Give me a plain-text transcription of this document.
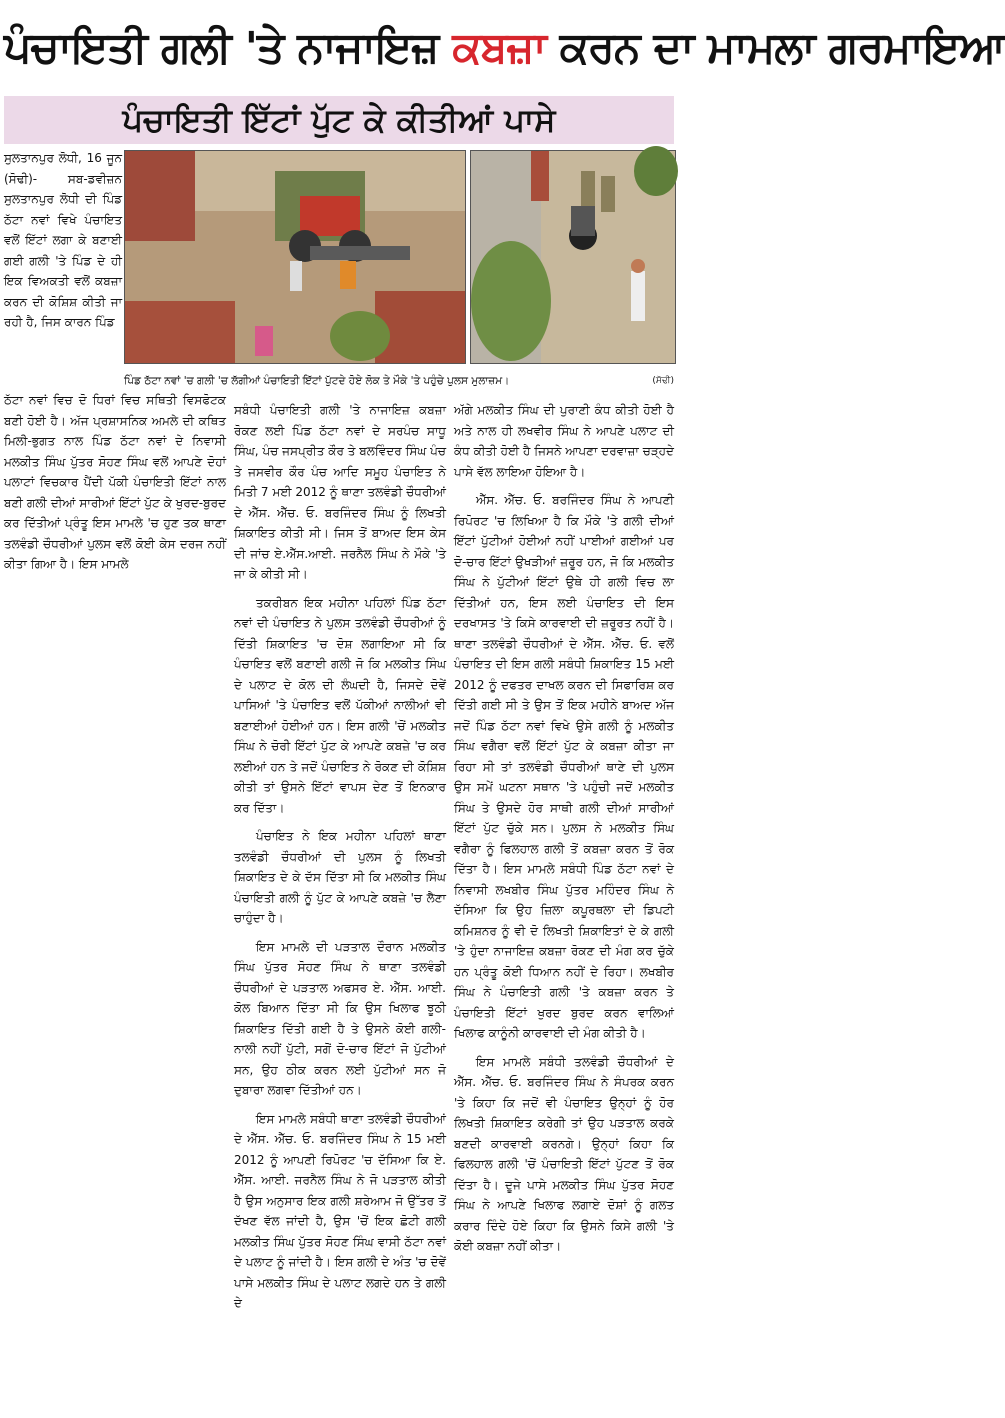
ਪੰਚਾਇਤੀ ਗਲੀ 'ਤੇ ਨਾਜਾਇਜ਼ ਕਬਜ਼ਾ ਕਰਨ ਦਾ ਮਾਮਲਾ ਗਰਮਾਇਆ
ਪੰਚਾਇਤੀ ਇੱਟਾਂ ਪੁੱਟ ਕੇ ਕੀਤੀਆਂ ਪਾਸੇ

ਸੁਲਤਾਨਪੁਰ ਲੋਧੀ, 16 ਜੂਨ (ਸੋਢੀ)- ਸਬ-ਡਵੀਜ਼ਨ ਸੁਲਤਾਨਪੁਰ ਲੋਧੀ ਦੀ ਪਿੰਡ ਠੱਟਾ ਨਵਾਂ ਵਿਖੇ ਪੰਚਾਇਤ ਵਲੋਂ ਇੱਟਾਂ ਲਗਾ ਕੇ ਬਣਾਈ ਗਈ ਗਲੀ 'ਤੇ ਪਿੰਡ ਦੇ ਹੀ ਇਕ ਵਿਅਕਤੀ ਵਲੋਂ ਕਬਜ਼ਾ ਕਰਨ ਦੀ ਕੋਸ਼ਿਸ਼ ਕੀਤੀ ਜਾ ਰਹੀ ਹੈ, ਜਿਸ ਕਾਰਨ ਪਿੰਡ

ਪਿੰਡ ਠੱਟਾ ਨਵਾਂ 'ਚ ਗਲੀ 'ਚ ਲੱਗੀਆਂ ਪੰਚਾਇਤੀ ਇੱਟਾਂ ਪੁੱਟਦੇ ਹੋਏ ਲੋਕ ਤੇ ਮੌਕੇ 'ਤੇ ਪਹੁੰਚੇ ਪੁਲਸ ਮੁਲਾਜ਼ਮ।	(ਸੋਢੀ)

ਠੱਟਾ ਨਵਾਂ ਵਿਚ ਦੋ ਧਿਰਾਂ ਵਿਚ ਸਥਿਤੀ ਵਿਸਫੋਟਕ ਬਣੀ ਹੋਈ ਹੈ। ਅੱਜ ਪ੍ਰਸ਼ਾਸਨਿਕ ਅਮਲੇ ਦੀ ਕਥਿਤ ਮਿਲੀ-ਭੁਗਤ ਨਾਲ ਪਿੰਡ ਠੱਟਾ ਨਵਾਂ ਦੇ ਨਿਵਾਸੀ ਮਲਕੀਤ ਸਿੰਘ ਪੁੱਤਰ ਸੋਹਣ ਸਿੰਘ ਵਲੋਂ ਆਪਣੇ ਦੋਹਾਂ ਪਲਾਟਾਂ ਵਿਚਕਾਰ ਪੈਂਦੀ ਪੱਕੀ ਪੰਚਾਇਤੀ ਇੱਟਾਂ ਨਾਲ ਬਣੀ ਗਲੀ ਦੀਆਂ ਸਾਰੀਆਂ ਇੱਟਾਂ ਪੁੱਟ ਕੇ ਖੁਰਦ-ਬੁਰਦ ਕਰ ਦਿੱਤੀਆਂ ਪ੍ਰੰਤੂ ਇਸ ਮਾਮਲੇ 'ਚ ਹੁਣ ਤਕ ਥਾਣਾ ਤਲਵੰਡੀ ਚੌਧਰੀਆਂ ਪੁਲਸ ਵਲੋਂ ਕੋਈ ਕੇਸ ਦਰਜ ਨਹੀਂ ਕੀਤਾ ਗਿਆ ਹੈ। ਇਸ ਮਾਮਲੇ

ਸਬੰਧੀ ਪੰਚਾਇਤੀ ਗਲੀ 'ਤੇ ਨਾਜਾਇਜ਼ ਕਬਜ਼ਾ ਰੋਕਣ ਲਈ ਪਿੰਡ ਠੱਟਾ ਨਵਾਂ ਦੇ ਸਰਪੰਚ ਸਾਧੂ ਸਿੰਘ, ਪੰਚ ਜਸਪ੍ਰੀਤ ਕੌਰ ਤੇ ਬਲਵਿੰਦਰ ਸਿੰਘ ਪੰਚ ਤੇ ਜਸਵੀਰ ਕੌਰ ਪੰਚ ਆਦਿ ਸਮੂਹ ਪੰਚਾਇਤ ਨੇ ਮਿਤੀ 7 ਮਈ 2012 ਨੂੰ ਥਾਣਾ ਤਲਵੰਡੀ ਚੌਧਰੀਆਂ ਦੇ ਐੱਸ. ਐੱਚ. ਓ. ਬਰਜਿੰਦਰ ਸਿੰਘ ਨੂੰ ਲਿਖਤੀ ਸ਼ਿਕਾਇਤ ਕੀਤੀ ਸੀ। ਜਿਸ ਤੋਂ ਬਾਅਦ ਇਸ ਕੇਸ ਦੀ ਜਾਂਚ ਏ.ਐੱਸ.ਆਈ. ਜਰਨੈਲ ਸਿੰਘ ਨੇ ਮੌਕੇ 'ਤੇ ਜਾ ਕੇ ਕੀਤੀ ਸੀ।

ਤਕਰੀਬਨ ਇਕ ਮਹੀਨਾ ਪਹਿਲਾਂ ਪਿੰਡ ਠੱਟਾ ਨਵਾਂ ਦੀ ਪੰਚਾਇਤ ਨੇ ਪੁਲਸ ਤਲਵੰਡੀ ਚੌਧਰੀਆਂ ਨੂੰ ਦਿੱਤੀ ਸ਼ਿਕਾਇਤ 'ਚ ਦੋਸ਼ ਲਗਾਇਆ ਸੀ ਕਿ ਪੰਚਾਇਤ ਵਲੋਂ ਬਣਾਈ ਗਲੀ ਜੋ ਕਿ ਮਲਕੀਤ ਸਿੰਘ ਦੇ ਪਲਾਟ ਦੇ ਕੋਲ ਦੀ ਲੰਘਦੀ ਹੈ, ਜਿਸਦੇ ਦੋਵੇਂ ਪਾਸਿਆਂ 'ਤੇ ਪੰਚਾਇਤ ਵਲੋਂ ਪੱਕੀਆਂ ਨਾਲੀਆਂ ਵੀ ਬਣਾਈਆਂ ਹੋਈਆਂ ਹਨ। ਇਸ ਗਲੀ 'ਚੋਂ ਮਲਕੀਤ ਸਿੰਘ ਨੇ ਚੋਰੀ ਇੱਟਾਂ ਪੁੱਟ ਕੇ ਆਪਣੇ ਕਬਜ਼ੇ 'ਚ ਕਰ ਲਈਆਂ ਹਨ ਤੇ ਜਦੋਂ ਪੰਚਾਇਤ ਨੇ ਰੋਕਣ ਦੀ ਕੋਸ਼ਿਸ਼ ਕੀਤੀ ਤਾਂ ਉਸਨੇ ਇੱਟਾਂ ਵਾਪਸ ਦੇਣ ਤੋਂ ਇਨਕਾਰ ਕਰ ਦਿੱਤਾ।

ਪੰਚਾਇਤ ਨੇ ਇਕ ਮਹੀਨਾ ਪਹਿਲਾਂ ਥਾਣਾ ਤਲਵੰਡੀ ਚੌਧਰੀਆਂ ਦੀ ਪੁਲਸ ਨੂੰ ਲਿਖਤੀ ਸ਼ਿਕਾਇਤ ਦੇ ਕੇ ਦੱਸ ਦਿੱਤਾ ਸੀ ਕਿ ਮਲਕੀਤ ਸਿੰਘ ਪੰਚਾਇਤੀ ਗਲੀ ਨੂੰ ਪੁੱਟ ਕੇ ਆਪਣੇ ਕਬਜ਼ੇ 'ਚ ਲੈਣਾ ਚਾਹੁੰਦਾ ਹੈ।

ਇਸ ਮਾਮਲੇ ਦੀ ਪੜਤਾਲ ਦੌਰਾਨ ਮਲਕੀਤ ਸਿੰਘ ਪੁੱਤਰ ਸੋਹਣ ਸਿੰਘ ਨੇ ਥਾਣਾ ਤਲਵੰਡੀ ਚੌਧਰੀਆਂ ਦੇ ਪੜਤਾਲ ਅਫਸਰ ਏ. ਐੱਸ. ਆਈ. ਕੋਲ ਬਿਆਨ ਦਿੱਤਾ ਸੀ ਕਿ ਉਸ ਖਿਲਾਫ ਝੂਠੀ ਸ਼ਿਕਾਇਤ ਦਿੱਤੀ ਗਈ ਹੈ ਤੇ ਉਸਨੇ ਕੋਈ ਗਲੀ-ਨਾਲੀ ਨਹੀਂ ਪੁੱਟੀ, ਸਗੋਂ ਦੋ-ਚਾਰ ਇੱਟਾਂ ਜੋ ਪੁੱਟੀਆਂ ਸਨ, ਉਹ ਠੀਕ ਕਰਨ ਲਈ ਪੁੱਟੀਆਂ ਸਨ ਜੋ ਦੁਬਾਰਾ ਲਗਵਾ ਦਿੱਤੀਆਂ ਹਨ।

ਇਸ ਮਾਮਲੇ ਸਬੰਧੀ ਥਾਣਾ ਤਲਵੰਡੀ ਚੌਧਰੀਆਂ ਦੇ ਐੱਸ. ਐੱਚ. ਓ. ਬਰਜਿੰਦਰ ਸਿੰਘ ਨੇ 15 ਮਈ 2012 ਨੂੰ ਆਪਣੀ ਰਿਪੋਰਟ 'ਚ ਦੱਸਿਆ ਕਿ ਏ. ਐੱਸ. ਆਈ. ਜਰਨੈਲ ਸਿੰਘ ਨੇ ਜੋ ਪੜਤਾਲ ਕੀਤੀ ਹੈ ਉਸ ਅਨੁਸਾਰ ਇਕ ਗਲੀ ਸ਼ਰੇਆਮ ਜੋ ਉੱਤਰ ਤੋਂ ਦੱਖਣ ਵੱਲ ਜਾਂਦੀ ਹੈ, ਉਸ 'ਚੋਂ ਇਕ ਛੋਟੀ ਗਲੀ ਮਲਕੀਤ ਸਿੰਘ ਪੁੱਤਰ ਸੋਹਣ ਸਿੰਘ ਵਾਸੀ ਠੱਟਾ ਨਵਾਂ ਦੇ ਪਲਾਟ ਨੂੰ ਜਾਂਦੀ ਹੈ। ਇਸ ਗਲੀ ਦੇ ਅੰਤ 'ਚ ਦੋਵੇਂ ਪਾਸੇ ਮਲਕੀਤ ਸਿੰਘ ਦੇ ਪਲਾਟ ਲਗਦੇ ਹਨ ਤੇ ਗਲੀ ਦੇ

ਅੱਗੇ ਮਲਕੀਤ ਸਿੰਘ ਦੀ ਪੁਰਾਣੀ ਕੰਧ ਕੀਤੀ ਹੋਈ ਹੈ ਅਤੇ ਨਾਲ ਹੀ ਲਖਵੀਰ ਸਿੰਘ ਨੇ ਆਪਣੇ ਪਲਾਟ ਦੀ ਕੰਧ ਕੀਤੀ ਹੋਈ ਹੈ ਜਿਸਨੇ ਆਪਣਾ ਦਰਵਾਜ਼ਾ ਚੜ੍ਹਦੇ ਪਾਸੇ ਵੱਲ ਲਾਇਆ ਹੋਇਆ ਹੈ।

ਐੱਸ. ਐੱਚ. ਓ. ਬਰਜਿੰਦਰ ਸਿੰਘ ਨੇ ਆਪਣੀ ਰਿਪੋਰਟ 'ਚ ਲਿਖਿਆ ਹੈ ਕਿ ਮੌਕੇ 'ਤੇ ਗਲੀ ਦੀਆਂ ਇੱਟਾਂ ਪੁੱਟੀਆਂ ਹੋਈਆਂ ਨਹੀਂ ਪਾਈਆਂ ਗਈਆਂ ਪਰ ਦੋ-ਚਾਰ ਇੱਟਾਂ ਉਖੜੀਆਂ ਜ਼ਰੂਰ ਹਨ, ਜੋ ਕਿ ਮਲਕੀਤ ਸਿੰਘ ਨੇ ਪੁੱਟੀਆਂ ਇੱਟਾਂ ਉਥੇ ਹੀ ਗਲੀ ਵਿਚ ਲਾ ਦਿੱਤੀਆਂ ਹਨ, ਇਸ ਲਈ ਪੰਚਾਇਤ ਦੀ ਇਸ ਦਰਖਾਸਤ 'ਤੇ ਕਿਸੇ ਕਾਰਵਾਈ ਦੀ ਜ਼ਰੂਰਤ ਨਹੀਂ ਹੈ। ਥਾਣਾ ਤਲਵੰਡੀ ਚੌਧਰੀਆਂ ਦੇ ਐੱਸ. ਐੱਚ. ਓ. ਵਲੋਂ ਪੰਚਾਇਤ ਦੀ ਇਸ ਗਲੀ ਸਬੰਧੀ ਸ਼ਿਕਾਇਤ 15 ਮਈ 2012 ਨੂੰ ਦਫਤਰ ਦਾਖਲ ਕਰਨ ਦੀ ਸਿਫਾਰਿਸ਼ ਕਰ ਦਿੱਤੀ ਗਈ ਸੀ ਤੇ ਉਸ ਤੋਂ ਇਕ ਮਹੀਨੇ ਬਾਅਦ ਅੱਜ ਜਦੋਂ ਪਿੰਡ ਠੱਟਾ ਨਵਾਂ ਵਿਖੇ ਉਸੇ ਗਲੀ ਨੂੰ ਮਲਕੀਤ ਸਿੰਘ ਵਗੈਰਾ ਵਲੋਂ ਇੱਟਾਂ ਪੁੱਟ ਕੇ ਕਬਜ਼ਾ ਕੀਤਾ ਜਾ ਰਿਹਾ ਸੀ ਤਾਂ ਤਲਵੰਡੀ ਚੌਧਰੀਆਂ ਥਾਣੇ ਦੀ ਪੁਲਸ ਉਸ ਸਮੇਂ ਘਟਨਾ ਸਥਾਨ 'ਤੇ ਪਹੁੰਚੀ ਜਦੋਂ ਮਲਕੀਤ ਸਿੰਘ ਤੇ ਉਸਦੇ ਹੋਰ ਸਾਥੀ ਗਲੀ ਦੀਆਂ ਸਾਰੀਆਂ ਇੱਟਾਂ ਪੁੱਟ ਚੁੱਕੇ ਸਨ। ਪੁਲਸ ਨੇ ਮਲਕੀਤ ਸਿੰਘ ਵਗੈਰਾ ਨੂੰ ਫਿਲਹਾਲ ਗਲੀ ਤੋਂ ਕਬਜ਼ਾ ਕਰਨ ਤੋਂ ਰੋਕ ਦਿੱਤਾ ਹੈ। ਇਸ ਮਾਮਲੇ ਸਬੰਧੀ ਪਿੰਡ ਠੱਟਾ ਨਵਾਂ ਦੇ ਨਿਵਾਸੀ ਲਖਬੀਰ ਸਿੰਘ ਪੁੱਤਰ ਮਹਿੰਦਰ ਸਿੰਘ ਨੇ ਦੱਸਿਆ ਕਿ ਉਹ ਜ਼ਿਲਾ ਕਪੂਰਥਲਾ ਦੀ ਡਿਪਟੀ ਕਮਿਸ਼ਨਰ ਨੂੰ ਵੀ ਦੋ ਲਿਖਤੀ ਸ਼ਿਕਾਇਤਾਂ ਦੇ ਕੇ ਗਲੀ 'ਤੇ ਹੁੰਦਾ ਨਾਜਾਇਜ਼ ਕਬਜ਼ਾ ਰੋਕਣ ਦੀ ਮੰਗ ਕਰ ਚੁੱਕੇ ਹਨ ਪ੍ਰੰਤੂ ਕੋਈ ਧਿਆਨ ਨਹੀਂ ਦੇ ਰਿਹਾ। ਲਖਬੀਰ ਸਿੰਘ ਨੇ ਪੰਚਾਇਤੀ ਗਲੀ 'ਤੇ ਕਬਜ਼ਾ ਕਰਨ ਤੇ ਪੰਚਾਇਤੀ ਇੱਟਾਂ ਖੁਰਦ ਬੁਰਦ ਕਰਨ ਵਾਲਿਆਂ ਖਿਲਾਫ ਕਾਨੂੰਨੀ ਕਾਰਵਾਈ ਦੀ ਮੰਗ ਕੀਤੀ ਹੈ।

ਇਸ ਮਾਮਲੇ ਸਬੰਧੀ ਤਲਵੰਡੀ ਚੌਧਰੀਆਂ ਦੇ ਐੱਸ. ਐੱਚ. ਓ. ਬਰਜਿੰਦਰ ਸਿੰਘ ਨੇ ਸੰਪਰਕ ਕਰਨ 'ਤੇ ਕਿਹਾ ਕਿ ਜਦੋਂ ਵੀ ਪੰਚਾਇਤ ਉਨ੍ਹਾਂ ਨੂੰ ਹੋਰ ਲਿਖਤੀ ਸ਼ਿਕਾਇਤ ਕਰੇਗੀ ਤਾਂ ਉਹ ਪੜਤਾਲ ਕਰਕੇ ਬਣਦੀ ਕਾਰਵਾਈ ਕਰਨਗੇ। ਉਨ੍ਹਾਂ ਕਿਹਾ ਕਿ ਫਿਲਹਾਲ ਗਲੀ 'ਚੋਂ ਪੰਚਾਇਤੀ ਇੱਟਾਂ ਪੁੱਟਣ ਤੋਂ ਰੋਕ ਦਿੱਤਾ ਹੈ। ਦੂਜੇ ਪਾਸੇ ਮਲਕੀਤ ਸਿੰਘ ਪੁੱਤਰ ਸੋਹਣ ਸਿੰਘ ਨੇ ਆਪਣੇ ਖਿਲਾਫ ਲਗਾਏ ਦੋਸ਼ਾਂ ਨੂੰ ਗਲਤ ਕਰਾਰ ਦਿੰਦੇ ਹੋਏ ਕਿਹਾ ਕਿ ਉਸਨੇ ਕਿਸੇ ਗਲੀ 'ਤੇ ਕੋਈ ਕਬਜ਼ਾ ਨਹੀਂ ਕੀਤਾ।
